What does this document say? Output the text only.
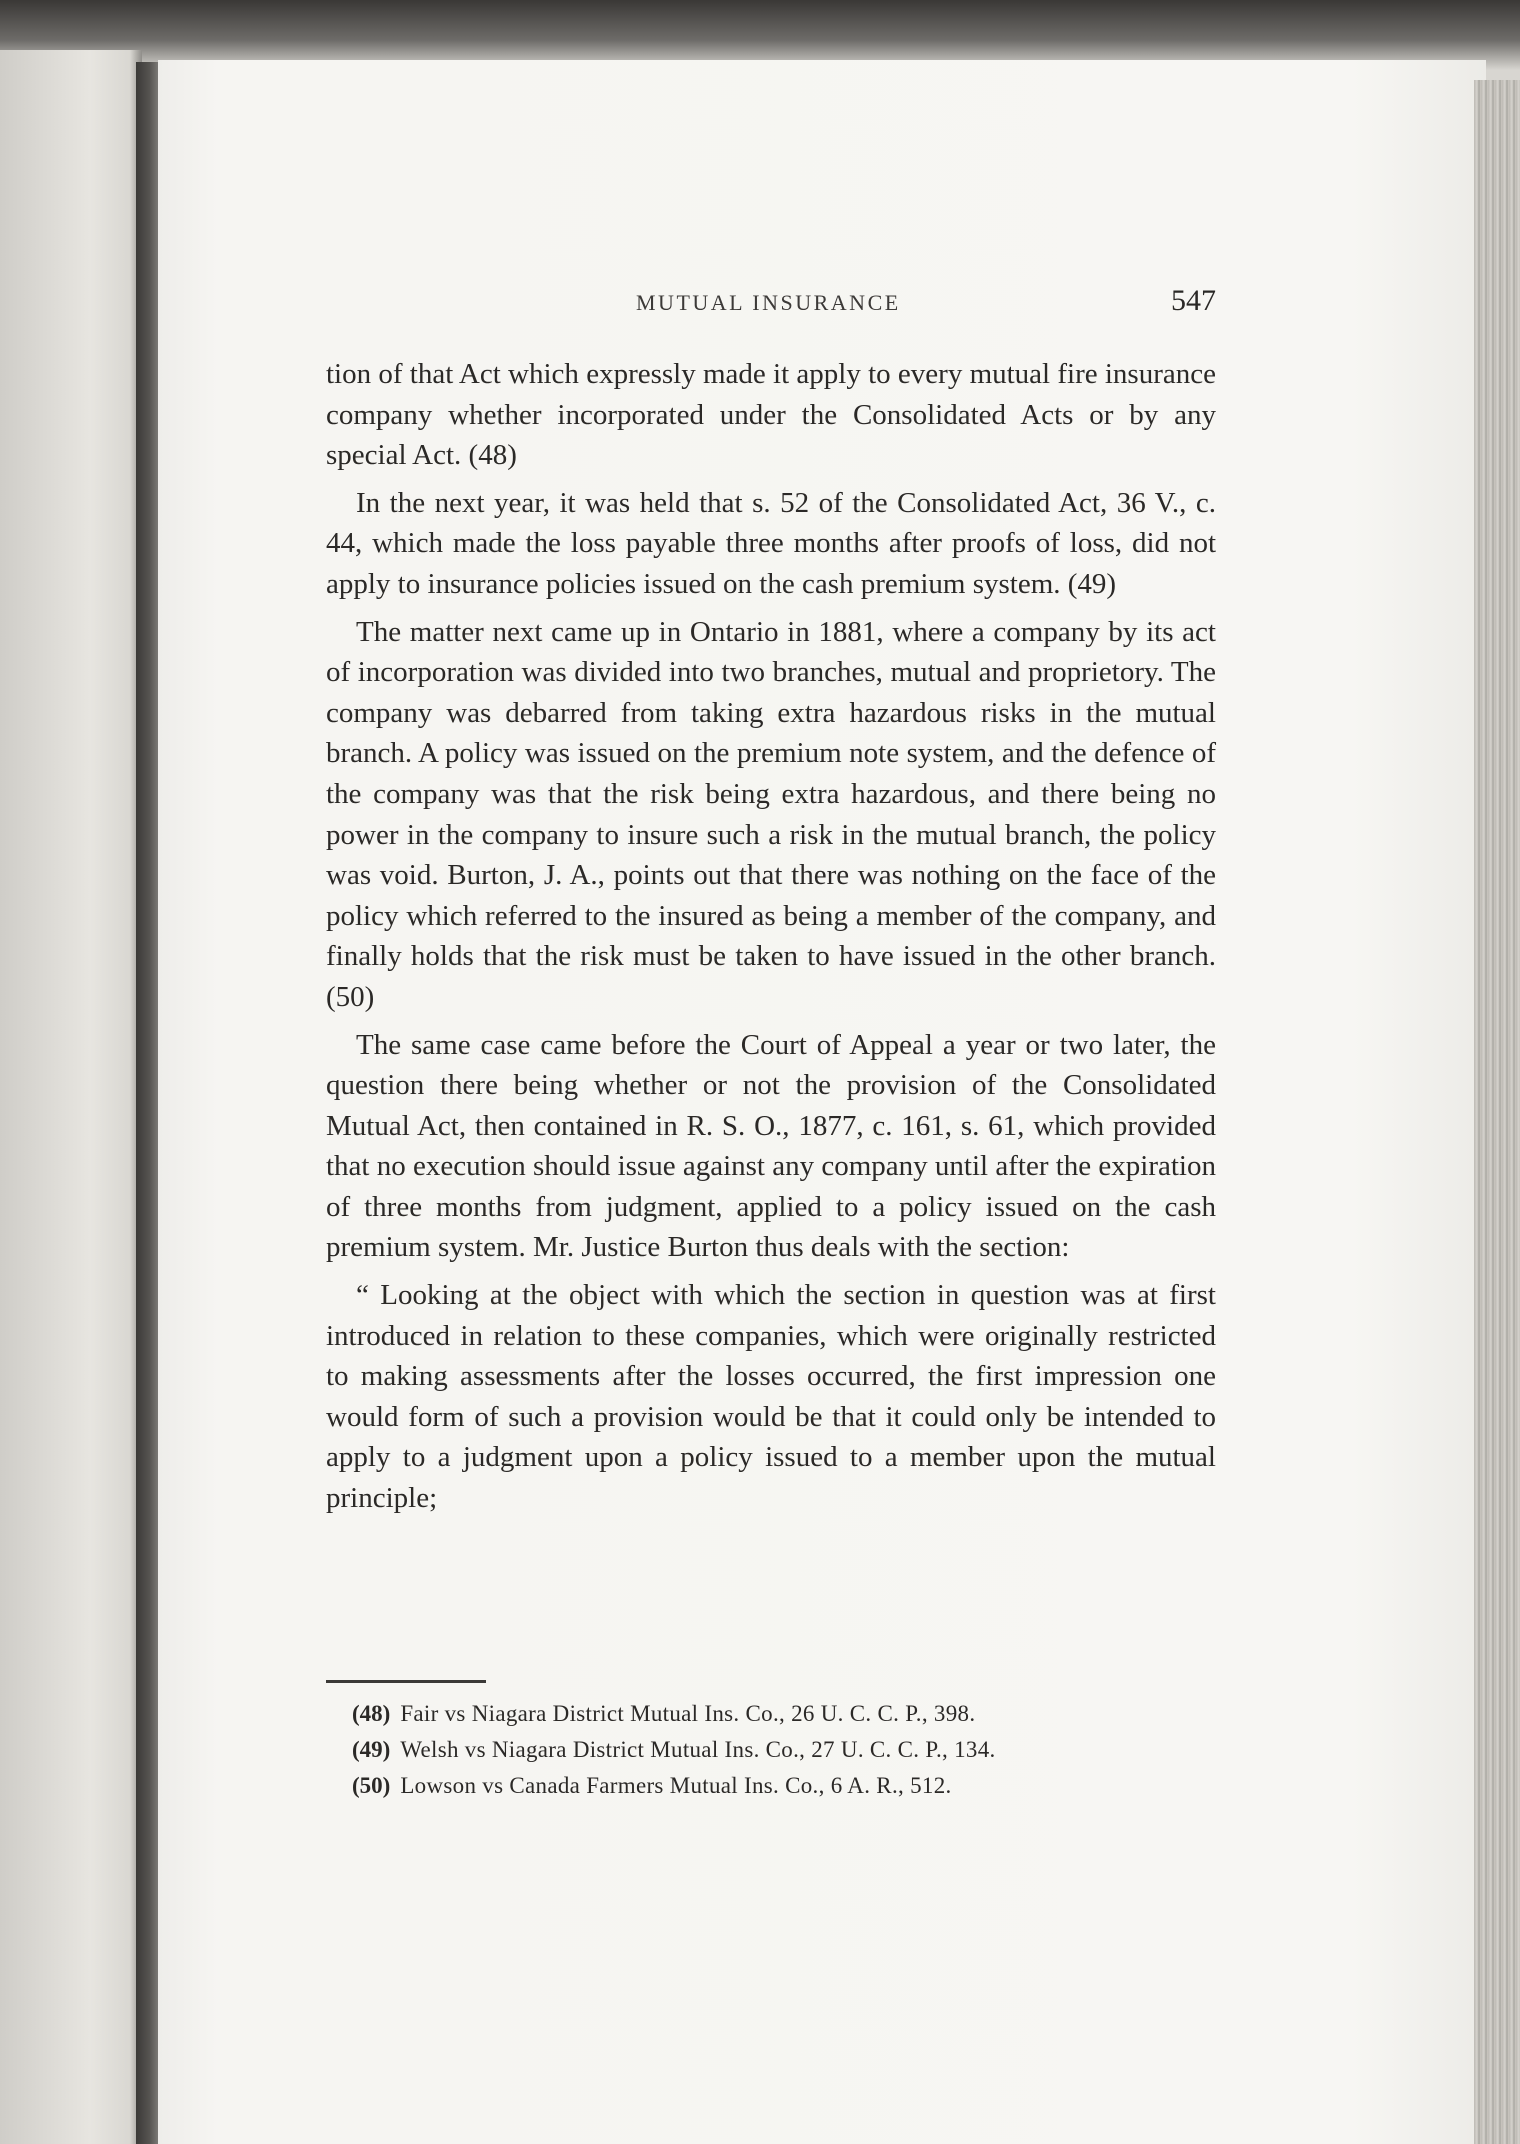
MUTUAL INSURANCE	547

tion of that Act which expressly made it apply to every mutual fire insurance company whether incorporated under the Consolidated Acts or by any special Act. (48)

In the next year, it was held that s. 52 of the Consolidated Act, 36 V., c. 44, which made the loss payable three months after proofs of loss, did not apply to insurance policies issued on the cash premium system. (49)

The matter next came up in Ontario in 1881, where a company by its act of incorporation was divided into two branches, mutual and proprietory. The company was debarred from taking extra hazardous risks in the mutual branch. A policy was issued on the premium note system, and the defence of the company was that the risk being extra hazardous, and there being no power in the company to insure such a risk in the mutual branch, the policy was void. Burton, J. A., points out that there was nothing on the face of the policy which referred to the insured as being a member of the company, and finally holds that the risk must be taken to have issued in the other branch. (50)

The same case came before the Court of Appeal a year or two later, the question there being whether or not the provision of the Consolidated Mutual Act, then contained in R. S. O., 1877, c. 161, s. 61, which provided that no execution should issue against any company until after the expiration of three months from judgment, applied to a policy issued on the cash premium system. Mr. Justice Burton thus deals with the section:

“ Looking at the object with which the section in question was at first introduced in relation to these companies, which were originally restricted to making assessments after the losses occurred, the first impression one would form of such a provision would be that it could only be intended to apply to a judgment upon a policy issued to a member upon the mutual principle;

(48) Fair vs Niagara District Mutual Ins. Co., 26 U. C. C. P., 398.

(49) Welsh vs Niagara District Mutual Ins. Co., 27 U. C. C. P., 134.

(50) Lowson vs Canada Farmers Mutual Ins. Co., 6 A. R., 512.
